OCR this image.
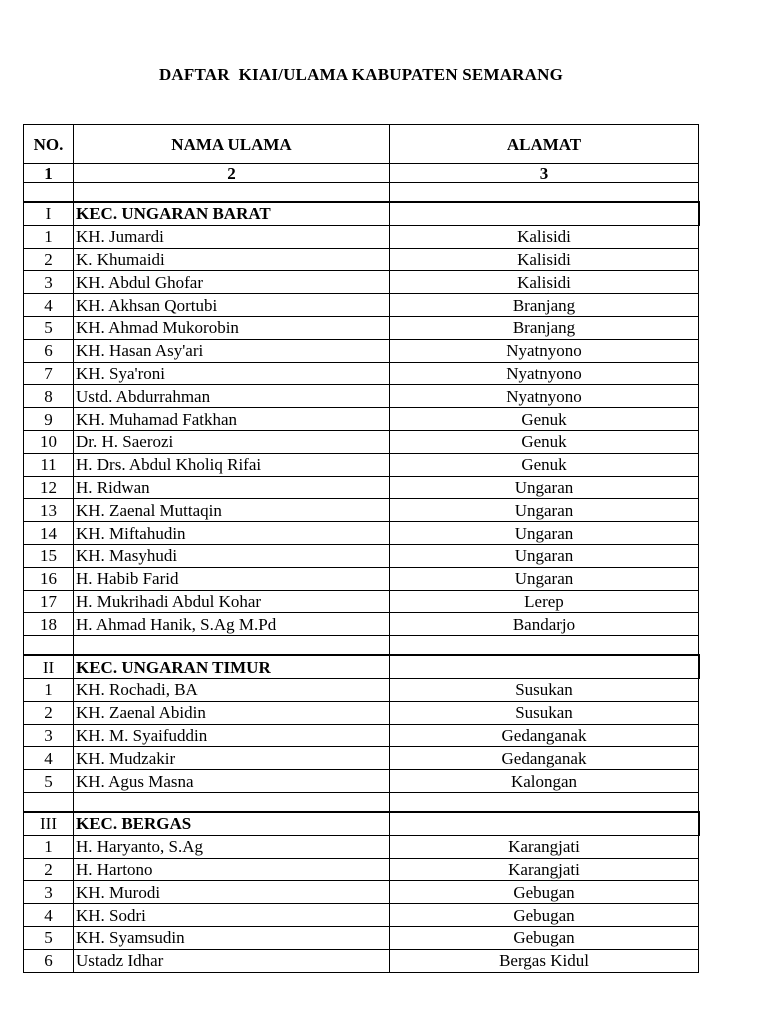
DAFTAR  KIAI/ULAMA KABUPATEN SEMARANG
NO.	NAMA ULAMA	ALAMAT
1	2	3

I	KEC. UNGARAN BARAT	
1	KH. Jumardi	Kalisidi
2	K. Khumaidi	Kalisidi
3	KH. Abdul Ghofar	Kalisidi
4	KH. Akhsan Qortubi	Branjang
5	KH. Ahmad Mukorobin	Branjang
6	KH. Hasan Asy'ari	Nyatnyono
7	KH. Sya'roni	Nyatnyono
8	Ustd. Abdurrahman	Nyatnyono
9	KH. Muhamad Fatkhan	Genuk
10	Dr. H. Saerozi	Genuk
11	H. Drs. Abdul Kholiq Rifai	Genuk
12	H. Ridwan	Ungaran
13	KH. Zaenal Muttaqin	Ungaran
14	KH. Miftahudin	Ungaran
15	KH. Masyhudi	Ungaran
16	H. Habib Farid	Ungaran
17	H. Mukrihadi Abdul Kohar	Lerep
18	H. Ahmad Hanik, S.Ag M.Pd	Bandarjo

II	KEC. UNGARAN TIMUR	
1	KH. Rochadi, BA	Susukan
2	KH. Zaenal Abidin	Susukan
3	KH. M. Syaifuddin	Gedanganak
4	KH. Mudzakir	Gedanganak
5	KH. Agus Masna	Kalongan

III	KEC. BERGAS	
1	H. Haryanto, S.Ag	Karangjati
2	H. Hartono	Karangjati
3	KH. Murodi	Gebugan
4	KH. Sodri	Gebugan
5	KH. Syamsudin	Gebugan
6	Ustadz Idhar	Bergas Kidul
